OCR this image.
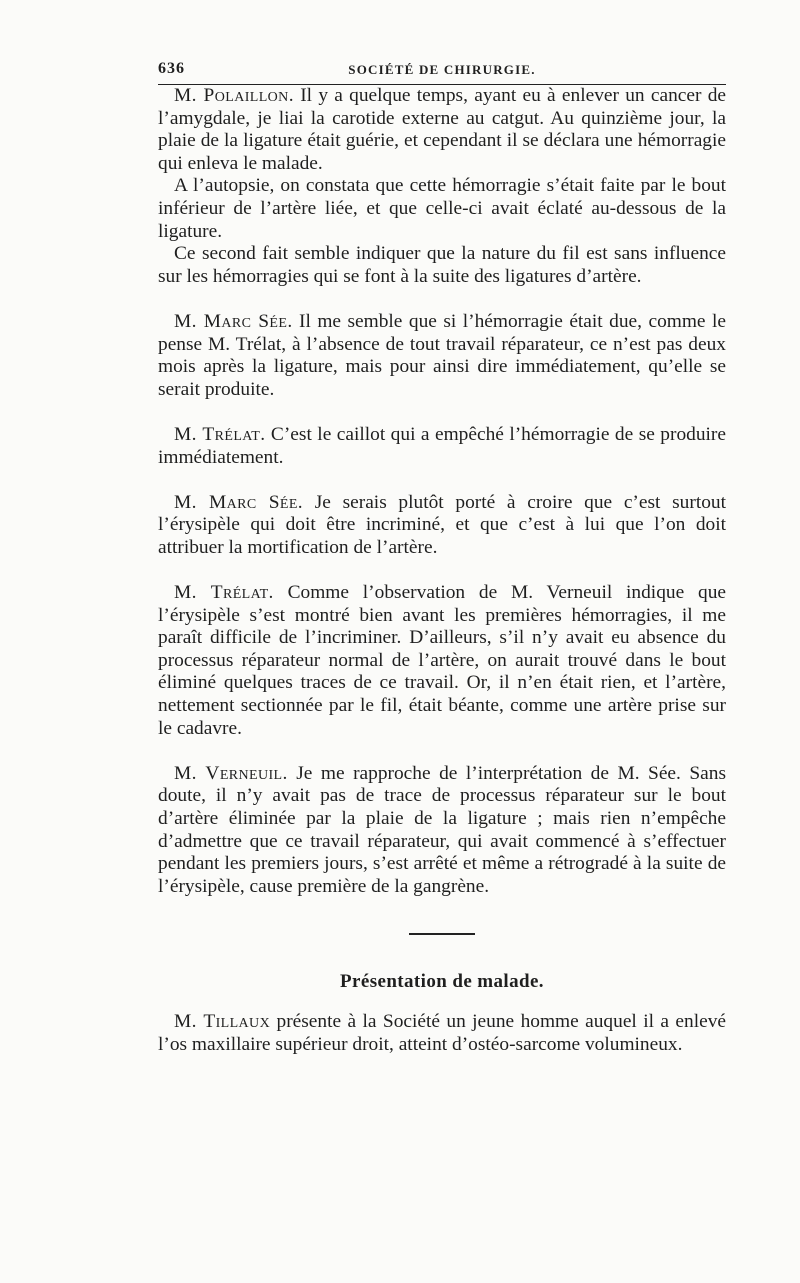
636	SOCIÉTÉ DE CHIRURGIE.

M. Polaillon. Il y a quelque temps, ayant eu à enlever un cancer de l’amygdale, je liai la carotide externe au catgut. Au quinzième jour, la plaie de la ligature était guérie, et cependant il se déclara une hémorragie qui enleva le malade.

A l’autopsie, on constata que cette hémorragie s’était faite par le bout inférieur de l’artère liée, et que celle-ci avait éclaté au-dessous de la ligature.

Ce second fait semble indiquer que la nature du fil est sans influence sur les hémorragies qui se font à la suite des ligatures d’artère.

M. Marc Sée. Il me semble que si l’hémorragie était due, comme le pense M. Trélat, à l’absence de tout travail réparateur, ce n’est pas deux mois après la ligature, mais pour ainsi dire immédiatement, qu’elle se serait produite.

M. Trélat. C’est le caillot qui a empêché l’hémorragie de se produire immédiatement.

M. Marc Sée. Je serais plutôt porté à croire que c’est surtout l’érysipèle qui doit être incriminé, et que c’est à lui que l’on doit attribuer la mortification de l’artère.

M. Trélat. Comme l’observation de M. Verneuil indique que l’érysipèle s’est montré bien avant les premières hémorragies, il me paraît difficile de l’incriminer. D’ailleurs, s’il n’y avait eu absence du processus réparateur normal de l’artère, on aurait trouvé dans le bout éliminé quelques traces de ce travail. Or, il n’en était rien, et l’artère, nettement sectionnée par le fil, était béante, comme une artère prise sur le cadavre.

M. Verneuil. Je me rapproche de l’interprétation de M. Sée. Sans doute, il n’y avait pas de trace de processus réparateur sur le bout d’artère éliminée par la plaie de la ligature ; mais rien n’empêche d’admettre que ce travail réparateur, qui avait commencé à s’effectuer pendant les premiers jours, s’est arrêté et même a rétrogradé à la suite de l’érysipèle, cause première de la gangrène.

Présentation de malade.

M. Tillaux présente à la Société un jeune homme auquel il a enlevé l’os maxillaire supérieur droit, atteint d’ostéo-sarcome volumineux.
